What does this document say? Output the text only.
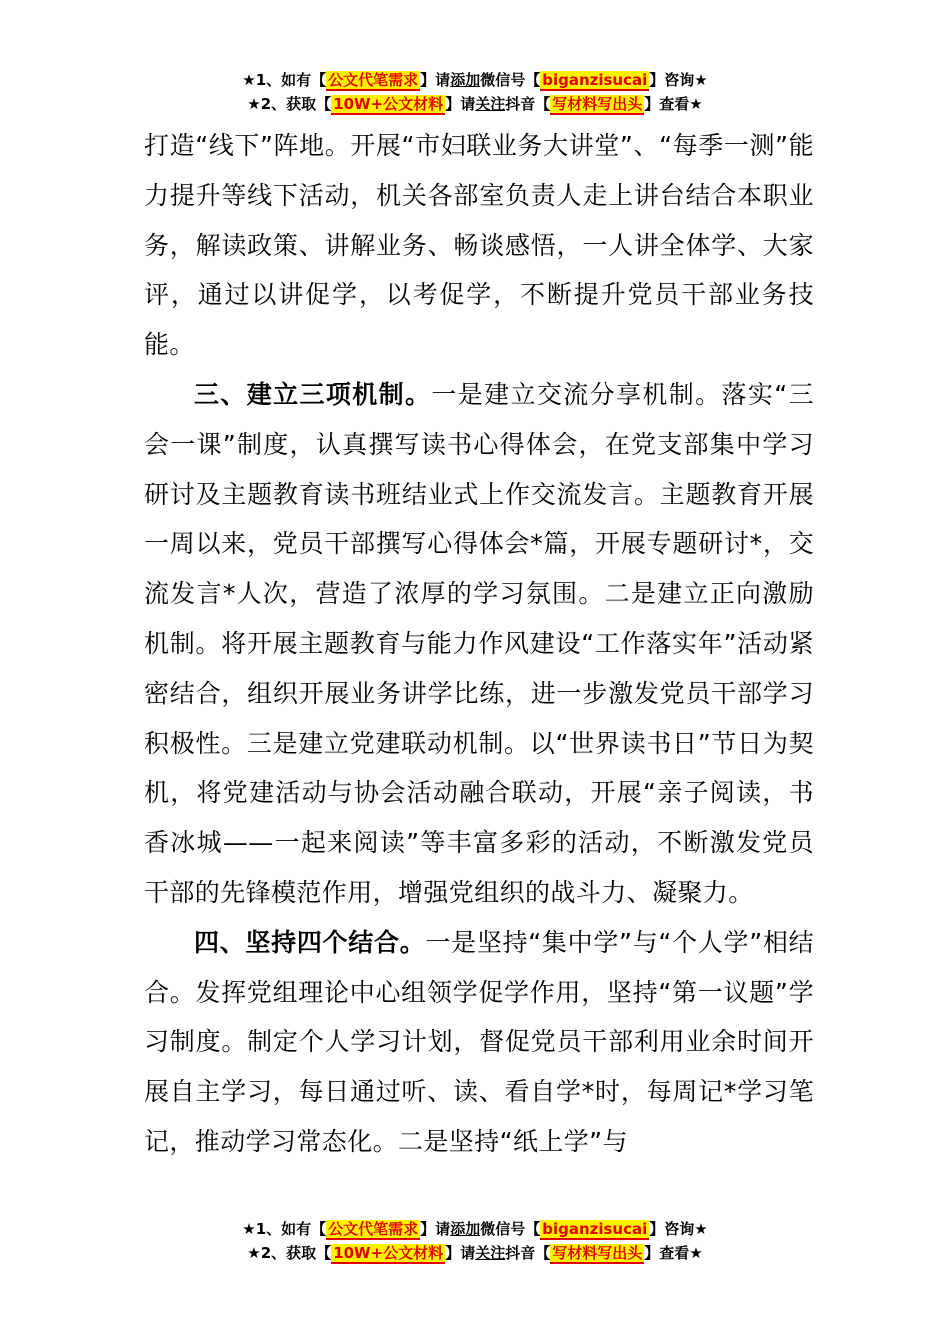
★1、如有【 公文代笔需求 】请添加微信号【 biganzisucai 】咨询★
★2、获取【 10W+公文材料 】请关注抖音【 写材料写出头 】查看★

打造“线下”阵地。开展“市妇联业务大讲堂”、“每季一测”能力提升等线下活动，机关各部室负责人走上讲台结合本职业务，解读政策、讲解业务、畅谈感悟，一人讲全体学、大家评，通过以讲促学，以考促学，不断提升党员干部业务技能。

三、建立三项机制。一是建立交流分享机制。落实“三会一课”制度，认真撰写读书心得体会，在党支部集中学习研讨及主题教育读书班结业式上作交流发言。主题教育开展一周以来，党员干部撰写心得体会*篇，开展专题研讨*，交流发言*人次，营造了浓厚的学习氛围。二是建立正向激励机制。将开展主题教育与能力作风建设“工作落实年”活动紧密结合，组织开展业务讲学比练，进一步激发党员干部学习积极性。三是建立党建联动机制。以“世界读书日”节日为契机，将党建活动与协会活动融合联动，开展“亲子阅读，书香冰城——一起来阅读”等丰富多彩的活动，不断激发党员干部的先锋模范作用，增强党组织的战斗力、凝聚力。

四、坚持四个结合。一是坚持“集中学”与“个人学”相结合。发挥党组理论中心组领学促学作用，坚持“第一议题”学习制度。制定个人学习计划，督促党员干部利用业余时间开展自主学习，每日通过听、读、看自学*时，每周记*学习笔记，推动学习常态化。二是坚持“纸上学”与

★1、如有【 公文代笔需求 】请添加微信号【 biganzisucai 】咨询★
★2、获取【 10W+公文材料 】请关注抖音【 写材料写出头 】查看★
